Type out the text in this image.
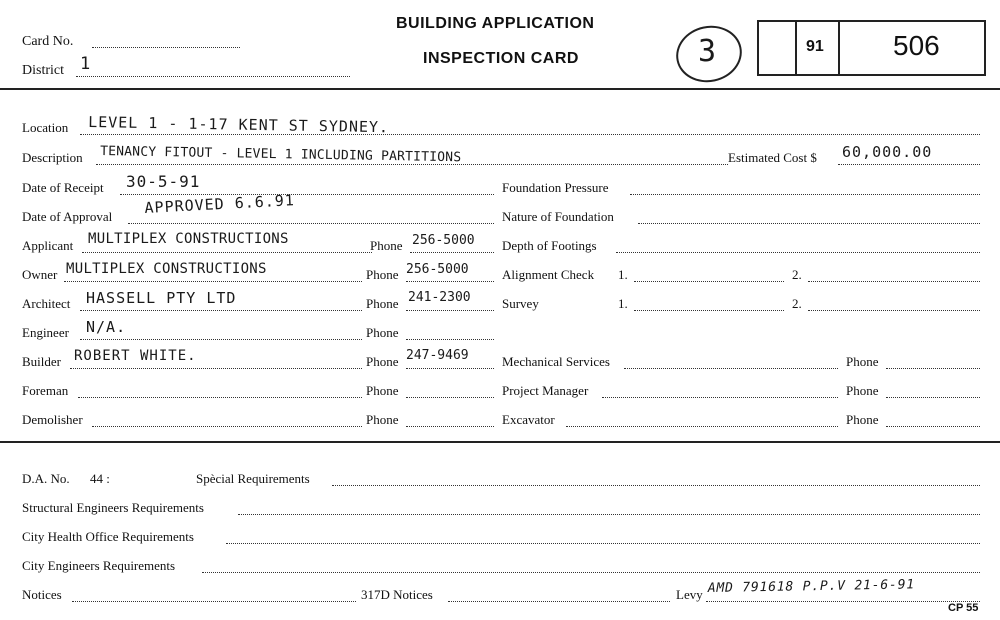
Card No.
District 1
BUILDING APPLICATION
INSPECTION CARD	3	91 506
Location LEVEL 1 - 1-17 KENT ST SYDNEY.
Description TENANCY FITOUT - LEVEL 1 INCLUDING PARTITIONS	Estimated Cost $ 60,000.00
Date of Receipt 30-5-91	Foundation Pressure
Date of Approval APPROVED 6.6.91	Nature of Foundation
Applicant MULTIPLEX CONSTRUCTIONS	Phone 256-5000 Depth of Footings
Owner MULTIPLEX CONSTRUCTIONS	Phone 256-5000	Alignment Check 1.	2.
Architect HASSELL PTY LTD	Phone 241-2300 Survey	1.	2.
Engineer N/A.	Phone
Builder ROBERT WHITE.	Phone 247-9469	Mechanical Services	Phone
Foreman	Phone	Project Manager	Phone
Demolisher	Phone	Excavator	Phone
D.A. No. 44 :	Spècial Requirements
Structural Engineers Requirements
City Health Office Requirements
City Engineers Requirements
Notices	317D Notices	Levy AMD 791618 P.P.V 21-6-91
CP 55
